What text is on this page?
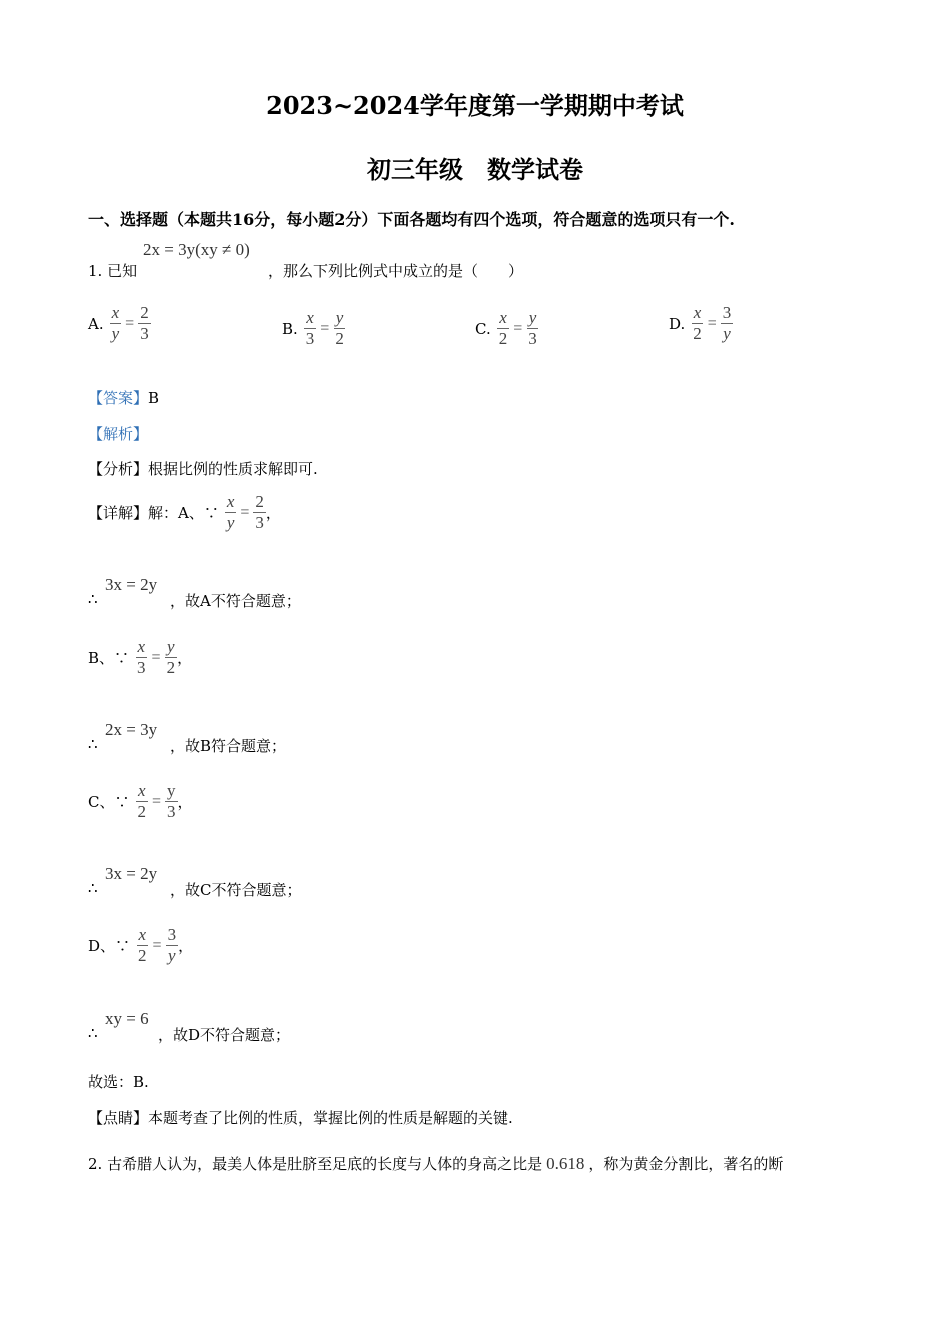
2023~2024学年度第一学期期中考试
初三年级　数学试卷
一、选择题（本题共16分，每小题2分）下面各题均有四个选项，符合题意的选项只有一个.
2x = 3y(xy ≠ 0)
1. 已知	，那么下列比例式中成立的是（　　）
A. $\frac{x}{y} = \frac{2}{3}$	B. $\frac{x}{3} = \frac{y}{2}$	C. $\frac{x}{2} = \frac{y}{3}$	D. $\frac{x}{2} = \frac{3}{y}$
【答案】B
【解析】
【分析】根据比例的性质求解即可.
【详解】解：A、∵ $\frac{x}{y} = \frac{2}{3}$ ，
3x = 2y
∴	，故A不符合题意；
B、∵ $\frac{x}{3} = \frac{y}{2}$ ，
2x = 3y
∴	，故B符合题意；
C、∵ $\frac{x}{2} = \frac{y}{3}$ ，
3x = 2y
∴	，故C不符合题意；
D、∵ $\frac{x}{2} = \frac{3}{y}$ ，
xy = 6
∴	，故D不符合题意；
故选：B.
【点睛】本题考查了比例的性质，掌握比例的性质是解题的关键.
2. 古希腊人认为，最美人体是肚脐至足底的长度与人体的身高之比是 0.618 ，称为黄金分割比，著名的断
